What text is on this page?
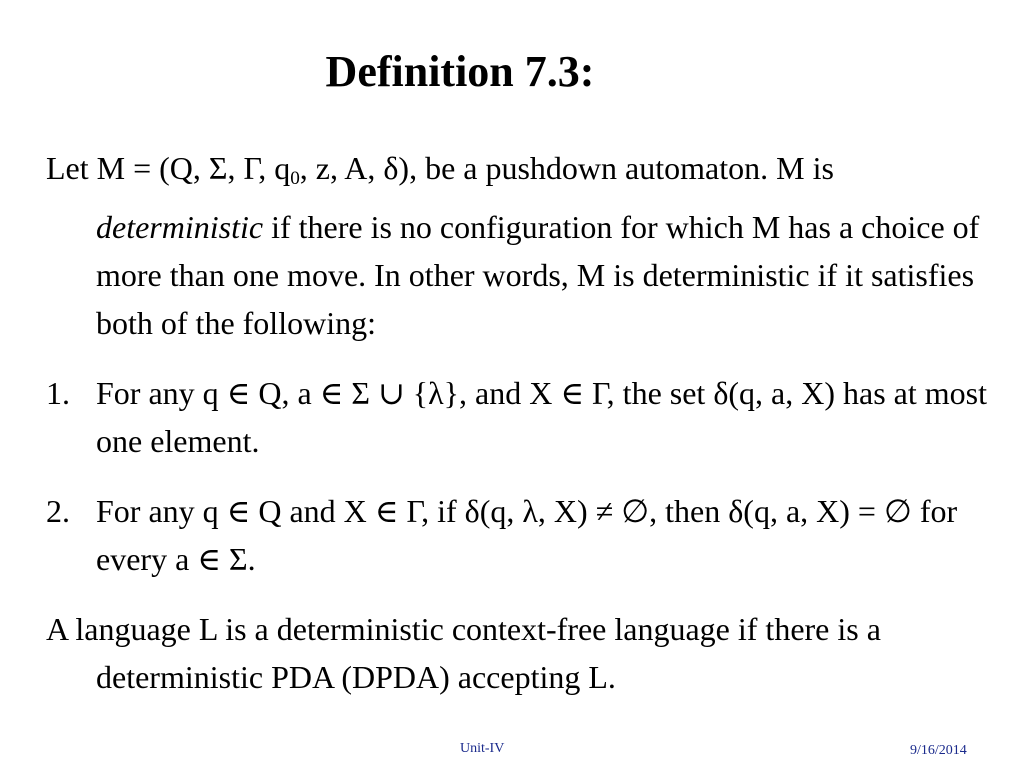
Definition 7.3:

Let M = (Q, Σ, Γ, $q_0$, z, A, δ), be a pushdown automaton. M is deterministic if there is no configuration for which M has a choice of more than one move. In other words, M is deterministic if it satisfies both of the following:

1. For any q ∈ Q, a ∈ Σ ∪ {λ}, and X ∈ Γ, the set δ(q, a, X) has at most one element.
2. For any q ∈ Q and X ∈ Γ, if δ(q, λ, X) ≠ ∅, then δ(q, a, X) = ∅ for every a ∈ Σ.

A language L is a deterministic context-free language if there is a deterministic PDA (DPDA) accepting L.

Unit-IV	9/16/2014
